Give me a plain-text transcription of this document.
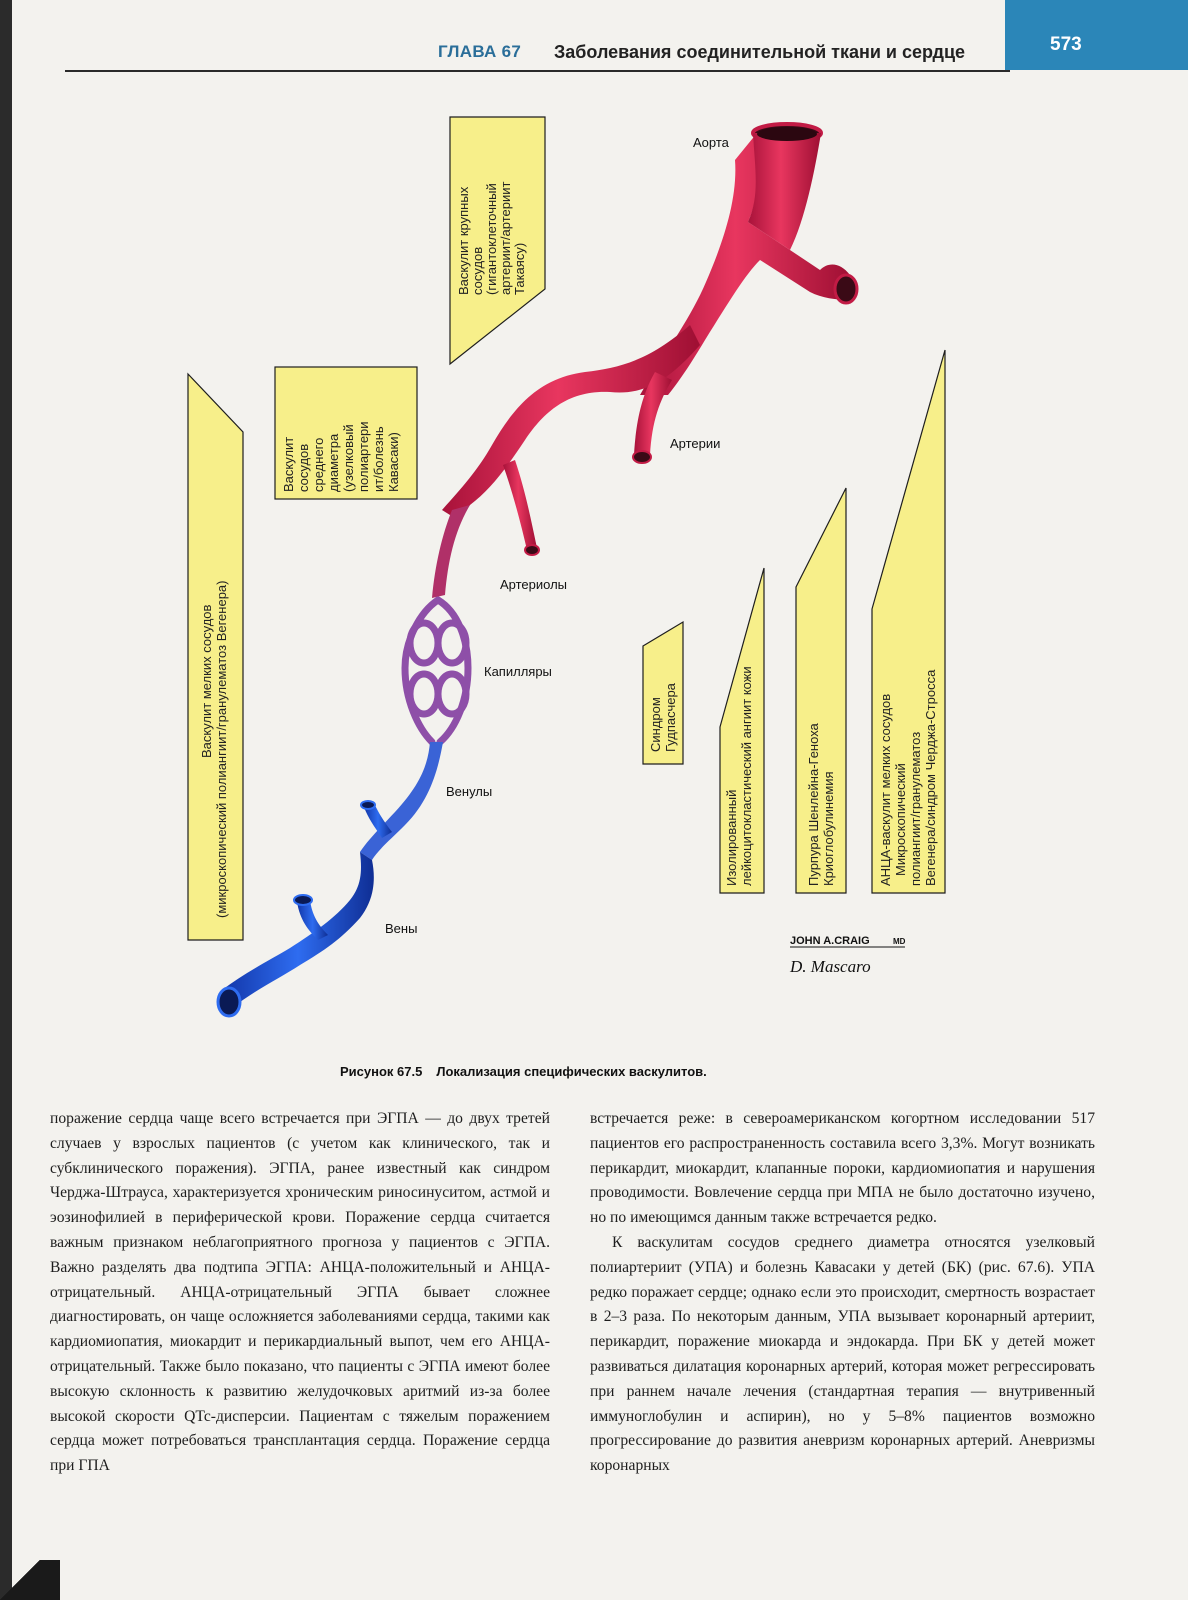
573
ГЛАВА 67 Заболевания соединительной ткани и сердце
Аорта
Артерии
Артериолы
Капилляры
Венулы
Вены
Васкулит крупных сосудов (гигантоклеточный артериит/артериит Такаясу)
Васкулит сосудов среднего диаметра (узелковый полиартери ит/болезнь Кавасаки)
Васкулит мелких сосудов (микроскопический полиангиит/гранулематоз Вегенера)	Синдром Гудпасчера
Изолированный лейкоцитокластический ангиит кожи	Пурпура Шенлейна-Геноха Криоглобулинемия	АНЦА-васкулит мелких сосудов Микроскопический полиангиит/гранулематоз Вегенера/синдром Черджа-Стросса
JOHN A.CRAIG	MD
D. Mascaro
Рисунок 67.5 Локализация специфических васкулитов.

поражение сердца чаще всего встречается при ЭГПА — до двух третей случаев у взрослых пациентов (с учетом как клинического, так и субклинического поражения). ЭГПА, ранее известный как синдром Черджа-Штрауса, характеризуется хроническим риносинуситом, астмой и эозинофилией в периферической крови. Поражение сердца считается важным признаком неблагоприятного прогноза у пациентов с ЭГПА. Важно разделять два подтипа ЭГПА: АНЦА-положительный и АНЦА-отрицательный. АНЦА-отрицательный ЭГПА бывает сложнее диагностировать, он чаще осложняется заболеваниями сердца, такими как кардиомиопатия, миокардит и перикардиальный выпот, чем его АНЦА-отрицательный. Также было показано, что пациенты с ЭГПА имеют более высокую склонность к развитию желудочковых аритмий из-за более высокой скорости QTc-дисперсии. Пациентам с тяжелым поражением сердца может потребоваться трансплантация сердца. Поражение сердца при ГПА

встречается реже: в североамериканском когортном исследовании 517 пациентов его распространенность составила всего 3,3%. Могут возникать перикардит, миокардит, клапанные пороки, кардиомиопатия и нарушения проводимости. Вовлечение сердца при МПА не было достаточно изучено, но по имеющимся данным также встречается редко.

К васкулитам сосудов среднего диаметра относятся узелковый полиартериит (УПА) и болезнь Кавасаки у детей (БК) (рис. 67.6). УПА редко поражает сердце; однако если это происходит, смертность возрастает в 2–3 раза. По некоторым данным, УПА вызывает коронарный артериит, перикардит, поражение миокарда и эндокарда. При БК у детей может развиваться дилатация коронарных артерий, которая может регрессировать при раннем начале лечения (стандартная терапия — внутривенный иммуноглобулин и аспирин), но у 5–8% пациентов возможно прогрессирование до развития аневризм коронарных артерий. Аневризмы коронарных
